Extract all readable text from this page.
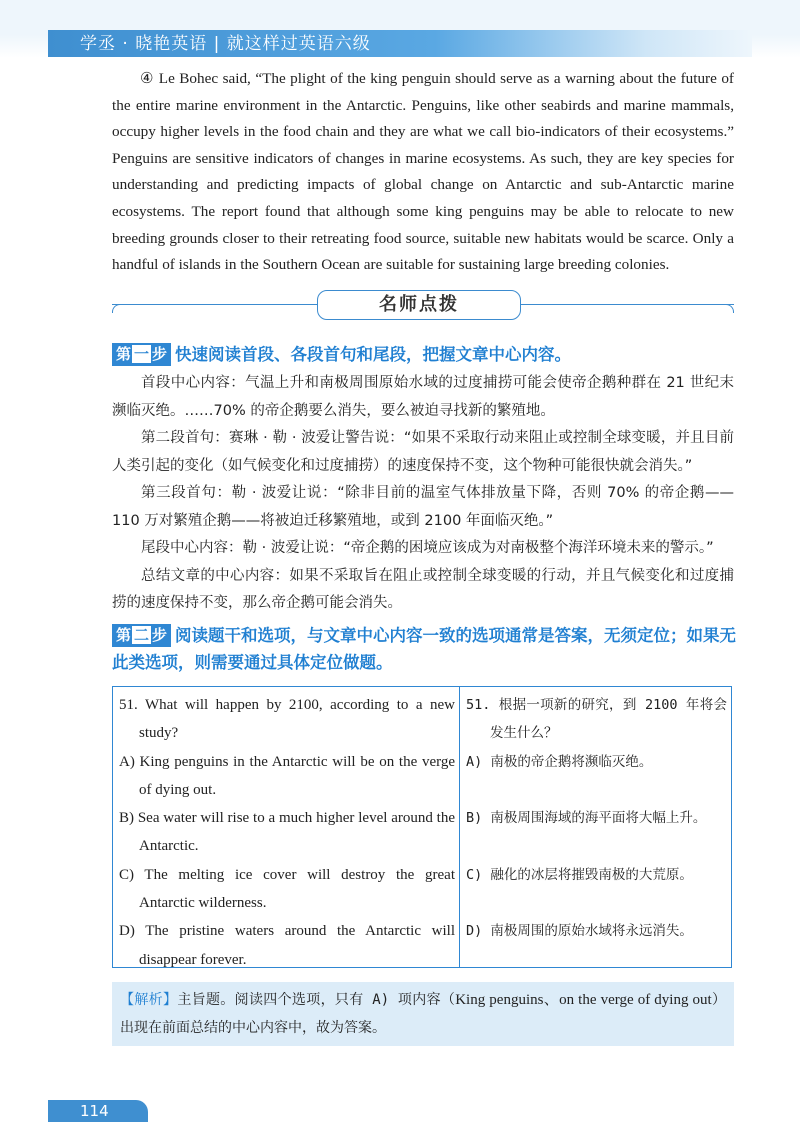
学丞 · 晓艳英语 | 就这样过英语六级

④ Le Bohec said, “The plight of the king penguin should serve as a warning about the future of the entire marine environment in the Antarctic. Penguins, like other seabirds and marine mammals, occupy higher levels in the food chain and they are what we call bio-indicators of their ecosystems.” Penguins are sensitive indicators of changes in marine ecosystems. As such, they are key species for understanding and predicting impacts of global change on Antarctic and sub-Antarctic marine ecosystems. The report found that although some king penguins may be able to relocate to new breeding grounds closer to their retreating food source, suitable new habitats would be scarce. Only a handful of islands in the Southern Ocean are suitable for sustaining large breeding colonies.

名师点拨
第 一 步 快速阅读首段、各段首句和尾段，把握文章中心内容。

首段中心内容：气温上升和南极周围原始水域的过度捕捞可能会使帝企鹅种群在 21 世纪末濒临灭绝。……70% 的帝企鹅要么消失，要么被迫寻找新的繁殖地。

第二段首句：赛琳 · 勒 · 波爱让警告说：“如果不采取行动来阻止或控制全球变暖，并且目前人类引起的变化（如气候变化和过度捕捞）的速度保持不变，这个物种可能很快就会消失。”

第三段首句：勒 · 波爱让说：“除非目前的温室气体排放量下降，否则 70% 的帝企鹅——110 万对繁殖企鹅——将被迫迁移繁殖地，或到 2100 年面临灭绝。”

尾段中心内容：勒 · 波爱让说：“帝企鹅的困境应该成为对南极整个海洋环境未来的警示。”

总结文章的中心内容：如果不采取旨在阻止或控制全球变暖的行动，并且气候变化和过度捕捞的速度保持不变，那么帝企鹅可能会消失。

第 二 步 阅读题干和选项，与文章中心内容一致的选项通常是答案，无须定位；如果无此类选项，则需要通过具体定位做题。

51. What will happen by 2100, according to a new study?

A) King penguins in the Antarctic will be on the verge of dying out.

B) Sea water will rise to a much higher level around the Antarctic.

C) The melting ice cover will destroy the great Antarctic wilderness.

D) The pristine waters around the Antarctic will disappear forever.

51. 根据一项新的研究，到 2100 年将会发生什么？

A) 南极的帝企鹅将濒临灭绝。

B) 南极周围海域的海平面将大幅上升。

C) 融化的冰层将摧毁南极的大荒原。

D) 南极周围的原始水域将永远消失。

【解析】主旨题。阅读四个选项，只有 A) 项内容（King penguins、on the verge of dying out）出现在前面总结的中心内容中，故为答案。
114
